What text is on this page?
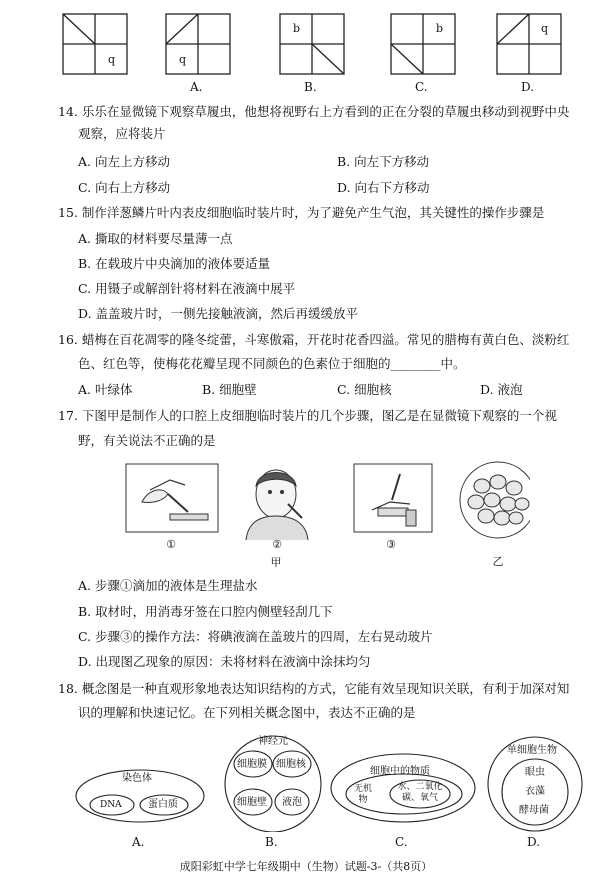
q	q
b	b	q
A.	B.	C.	D.
14. 乐乐在显微镜下观察草履虫，他想将视野右上方看到的正在分裂的草履虫移动到视野中央
观察，应将装片
A. 向左上方移动	B. 向左下方移动
C. 向右上方移动	D. 向右下方移动
15. 制作洋葱鳞片叶内表皮细胞临时装片时，为了避免产生气泡，其关键性的操作步骤是
A. 撕取的材料要尽量薄一点
B. 在载玻片中央滴加的液体要适量
C. 用镊子或解剖针将材料在液滴中展平
D. 盖盖玻片时，一侧先接触液滴，然后再缓缓放平
16. 蜡梅在百花凋零的隆冬绽蕾，斗寒傲霜，开花时花香四溢。常见的腊梅有黄白色、淡粉红
色、红色等，使梅花花瓣呈现不同颜色的色素位于细胞的________中。
A. 叶绿体	B. 细胞壁	C. 细胞核	D. 液泡
17. 下图甲是制作人的口腔上皮细胞临时装片的几个步骤，图乙是在显微镜下观察的一个视
野，有关说法不正确的是
①	②	③
甲	乙
A. 步骤①滴加的液体是生理盐水
B. 取材时，用消毒牙签在口腔内侧壁轻刮几下
C. 步骤③的操作方法：将碘液滴在盖玻片的四周，左右晃动玻片
D. 出现图乙现象的原因：未将材料在液滴中涂抹均匀
18. 概念图是一种直观形象地表达知识结构的方式，它能有效呈现知识关联，有利于加深对知
识的理解和快速记忆。在下列相关概念图中，表达不正确的是
染色体
DNA	蛋白质
A.
神经元
细胞膜 细胞核
细胞壁 液泡
B.
细胞中的物质
无机物
水、二氧化碳、氧气
C.
单细胞生物
眼虫
衣藻
酵母菌
D.
成阳彩虹中学七年级期中（生物）试题-3-（共8页）
